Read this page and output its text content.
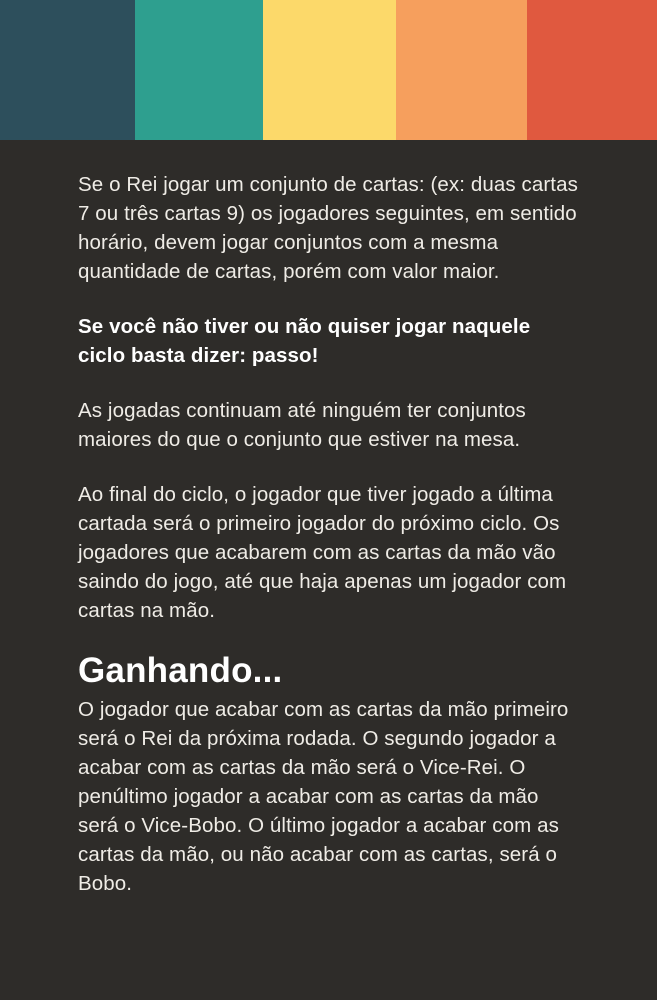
Se o Rei jogar um conjunto de cartas: (ex: duas cartas 7 ou três cartas 9) os jogadores seguintes, em sentido horário, devem jogar conjuntos com a mesma quantidade de cartas, porém com valor maior.

Se você não tiver ou não quiser jogar naquele ciclo basta dizer: passo!

As jogadas continuam até ninguém ter conjuntos maiores do que o conjunto que estiver na mesa.

Ao final do ciclo, o jogador que tiver jogado a última cartada será o primeiro jogador do próximo ciclo. Os jogadores que acabarem com as cartas da mão vão saindo do jogo, até que haja apenas um jogador com cartas na mão.

Ganhando...

O jogador que acabar com as cartas da mão primeiro será o Rei da próxima rodada. O segundo jogador a acabar com as cartas da mão será o Vice-Rei. O penúltimo jogador a acabar com as cartas da mão será o Vice-Bobo. O último jogador a acabar com as cartas da mão, ou não acabar com as cartas, será o Bobo.
